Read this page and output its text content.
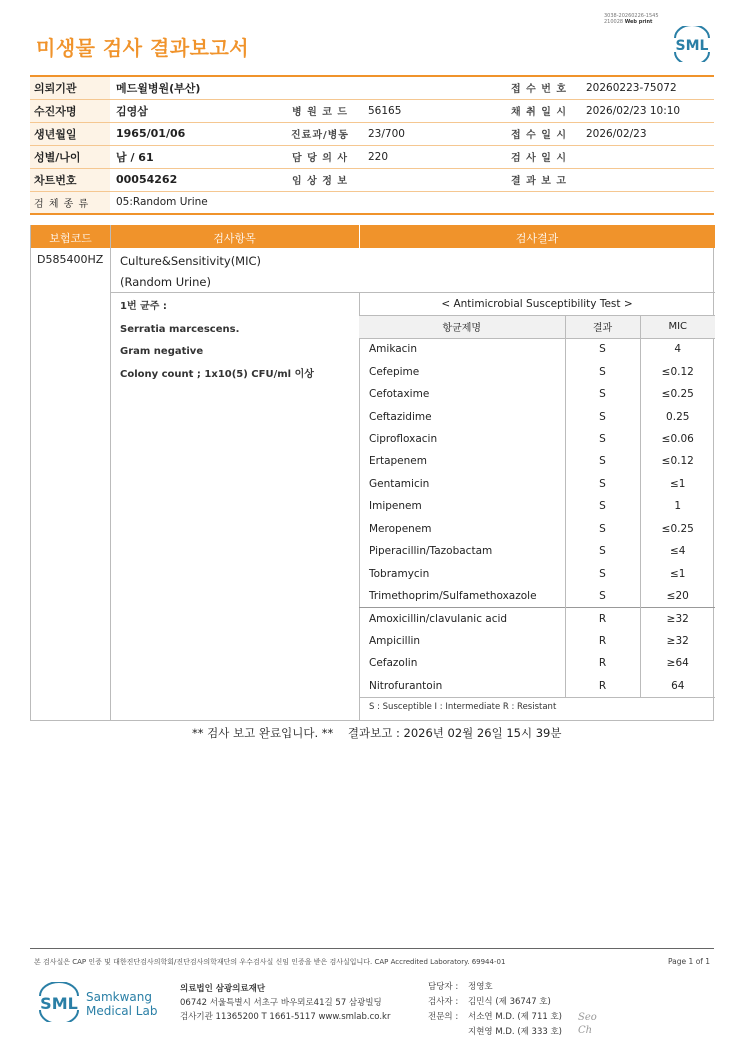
미생물 검사 결과보고서
3038-20260226-1545
210028 Web print
SML
의뢰기관	메드윌병원(부산)			접 수 번 호	20260223-75072
수진자명	김영삼	병 원 코 드	56165	채 취 일 시	2026/02/23 10:10
생년월일	1965/01/06	진료과/병동	23/700	접 수 일 시	2026/02/23
성별/나이	남 / 61	담 당 의 사	220	검 사 일 시	
차트번호	00054262	임 상 정 보		결 과 보 고	
검 체 종 류	05:Random Urine				
보험코드	검사항목	검사결과
D585400HZ Culture&Sensitivity(MIC)
(Random Urine)
1번 균주 :
Serratia marcescens.
Gram negative
Colony count ; 1x10(5) CFU/ml 이상
< Antimicrobial Susceptibility Test >
항균제명	결과	MIC
Amikacin	S	4
Cefepime	S	≤0.12
Cefotaxime	S	≤0.25
Ceftazidime	S	0.25
Ciprofloxacin	S	≤0.06
Ertapenem	S	≤0.12
Gentamicin	S	≤1
Imipenem	S	1
Meropenem	S	≤0.25
Piperacillin/Tazobactam	S	≤4
Tobramycin	S	≤1
Trimethoprim/Sulfamethoxazole	S	≤20
Amoxicillin/clavulanic acid	R	≥32
Ampicillin	R	≥32
Cefazolin	R	≥64
Nitrofurantoin	R	64
S : Susceptible I : Intermediate R : Resistant
** 검사 보고 완료입니다. **    결과보고 : 2026년 02월 26일 15시 39분
본 검사실은 CAP 인증 및 대한진단검사의학회/진단검사의학재단의 우수검사실 신임 인증을 받은 검사실입니다. CAP Accredited Laboratory. 69944-01	Page 1 of 1
SML Samkwang
Medical Lab
의료법인 삼광의료재단
06742 서울특별시 서초구 바우뫼로41길 57 삼광빌딩
검사기관 11365200 T 1661-5117 www.smlab.co.kr
담당자 : 정영호
검사자 : 김민식 (제 36747 호)
전문의 : 서소연 M.D. (제 711 호)
지현영 M.D. (제 333 호)
Seo
Ch
